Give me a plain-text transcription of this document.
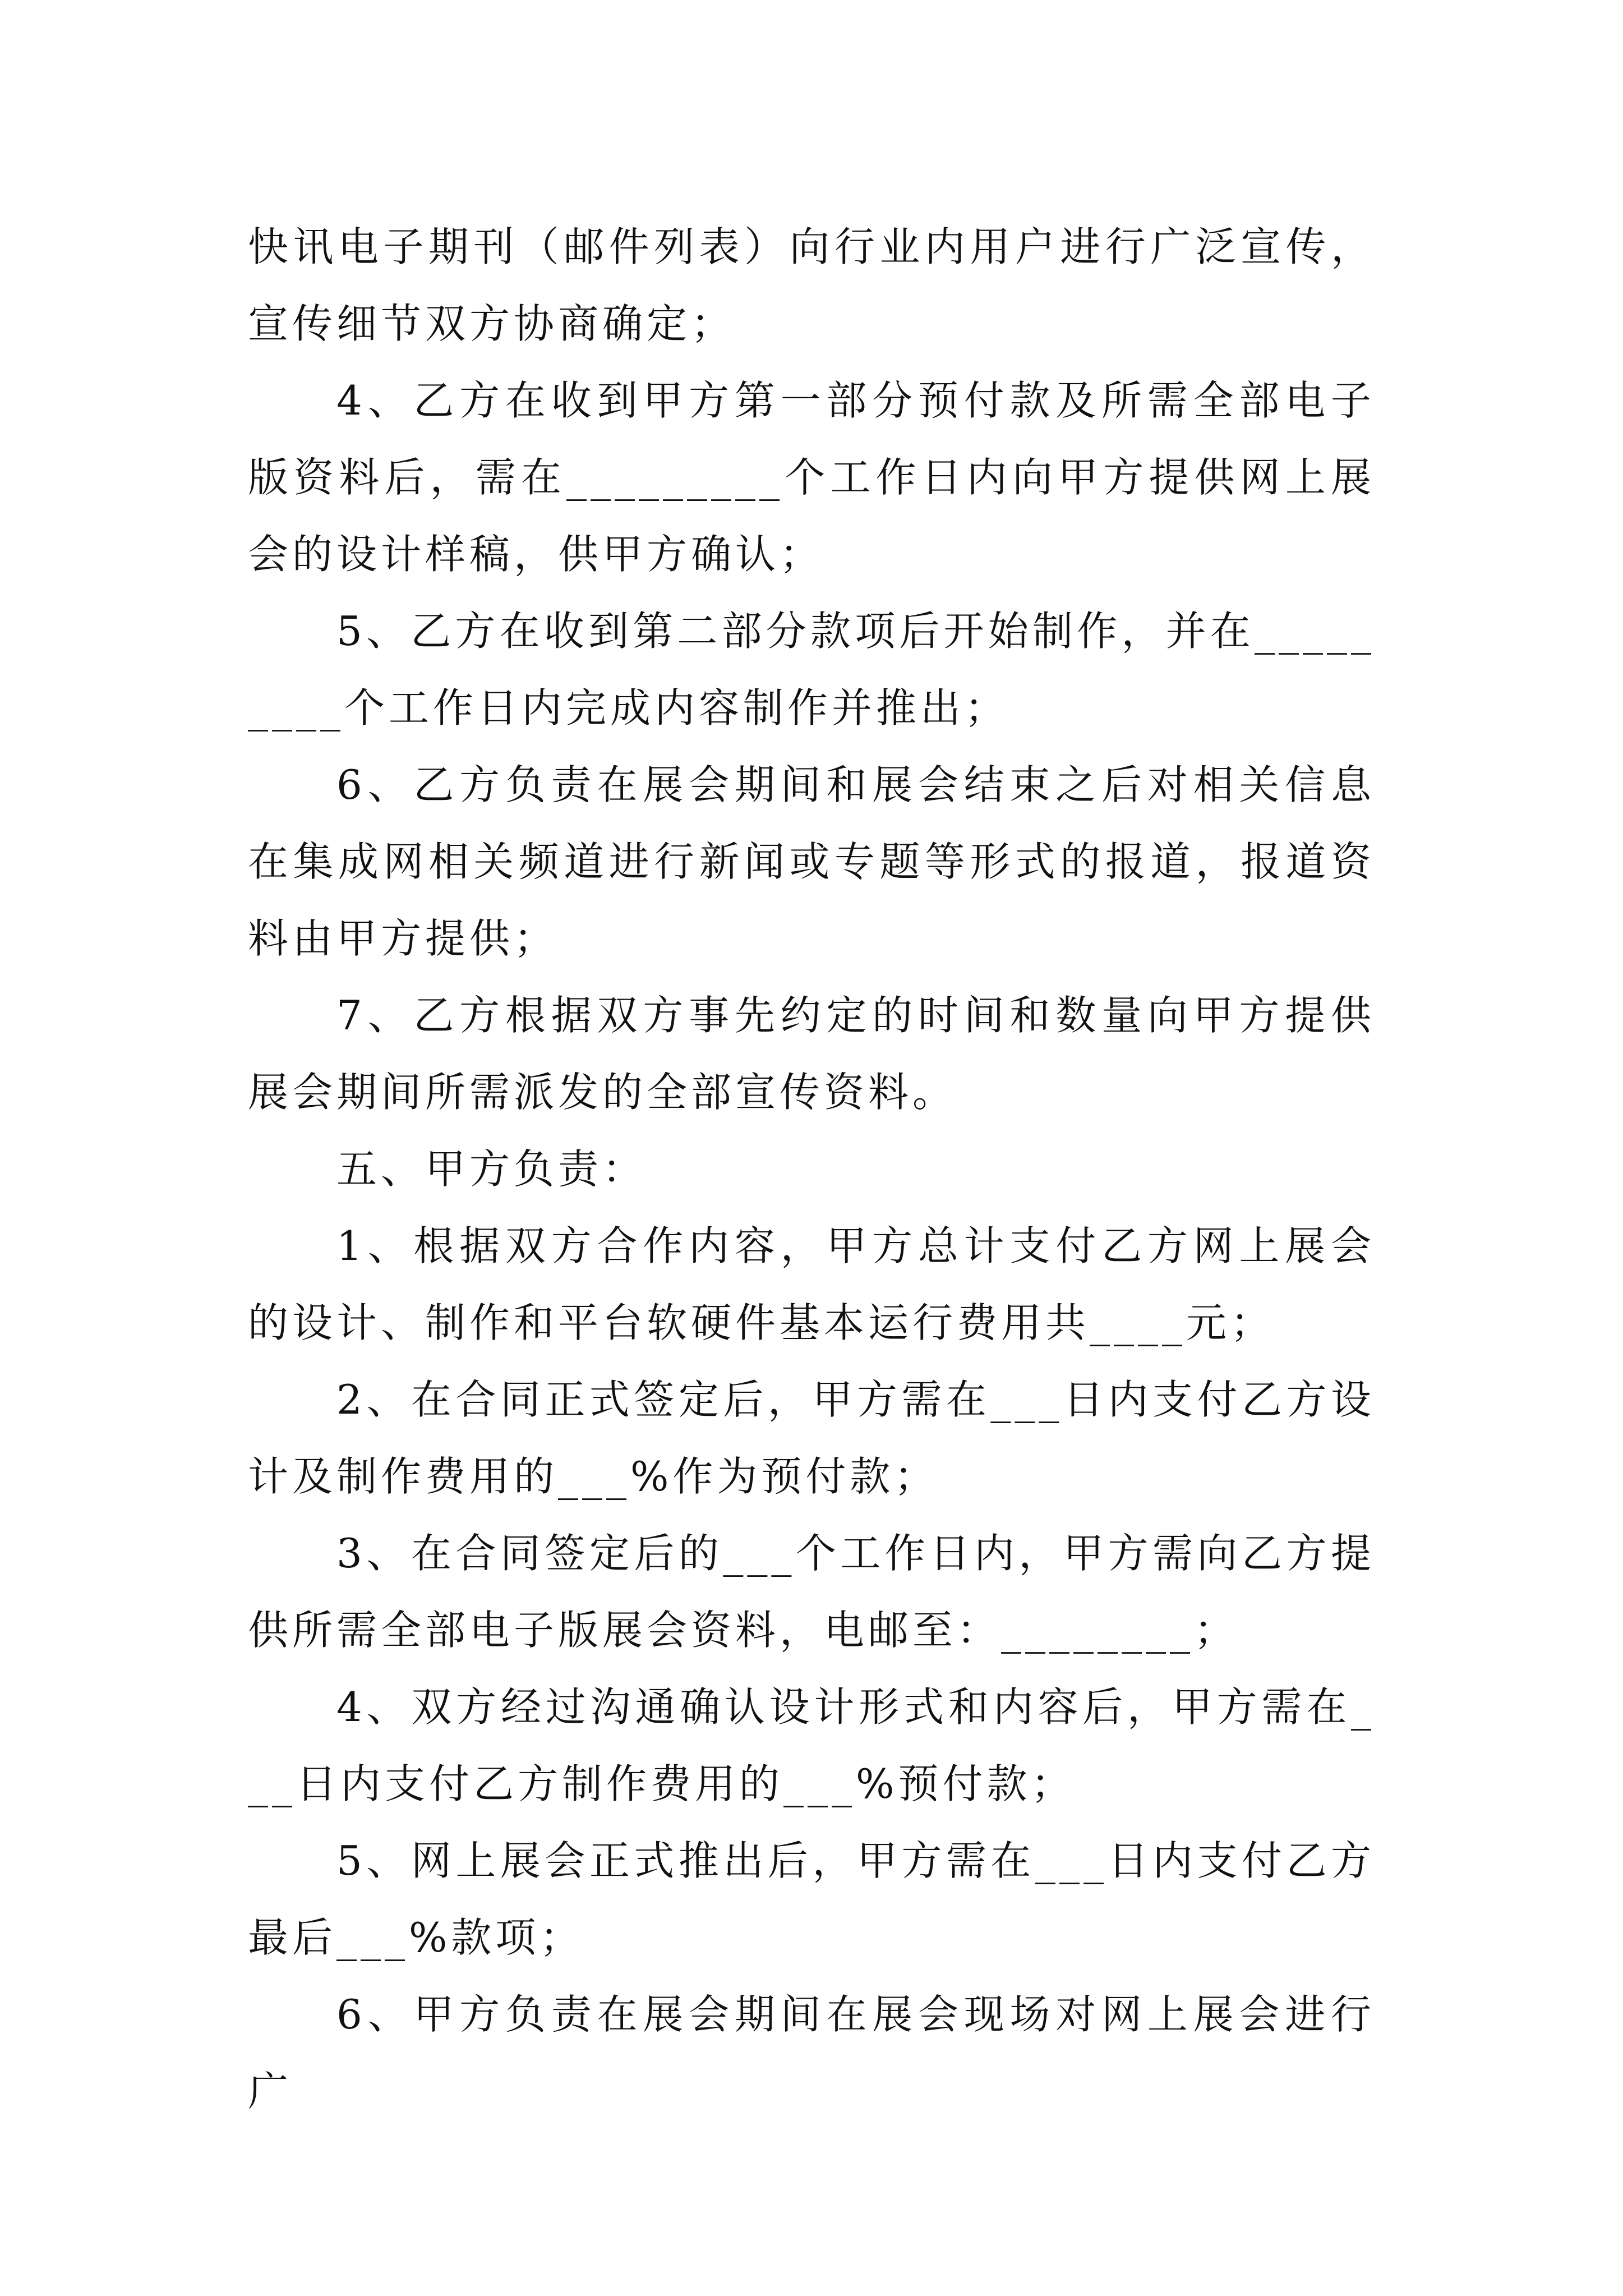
快讯电子期刊（邮件列表）向行业内用户进行广泛宣传，宣传细节双方协商确定；

4、乙方在收到甲方第一部分预付款及所需全部电子版资料后，需在_________个工作日内向甲方提供网上展会的设计样稿，供甲方确认；

5、乙方在收到第二部分款项后开始制作，并在_________个工作日内完成内容制作并推出；

6、乙方负责在展会期间和展会结束之后对相关信息在集成网相关频道进行新闻或专题等形式的报道，报道资料由甲方提供；

7、乙方根据双方事先约定的时间和数量向甲方提供展会期间所需派发的全部宣传资料。

五、甲方负责：

1、根据双方合作内容，甲方总计支付乙方网上展会的设计、制作和平台软硬件基本运行费用共____元；

2、在合同正式签定后，甲方需在___日内支付乙方设计及制作费用的___%作为预付款；

3、在合同签定后的___个工作日内，甲方需向乙方提供所需全部电子版展会资料，电邮至：________；

4、双方经过沟通确认设计形式和内容后，甲方需在___日内支付乙方制作费用的___%预付款；

5、网上展会正式推出后，甲方需在___日内支付乙方最后___%款项；

6、甲方负责在展会期间在展会现场对网上展会进行广
